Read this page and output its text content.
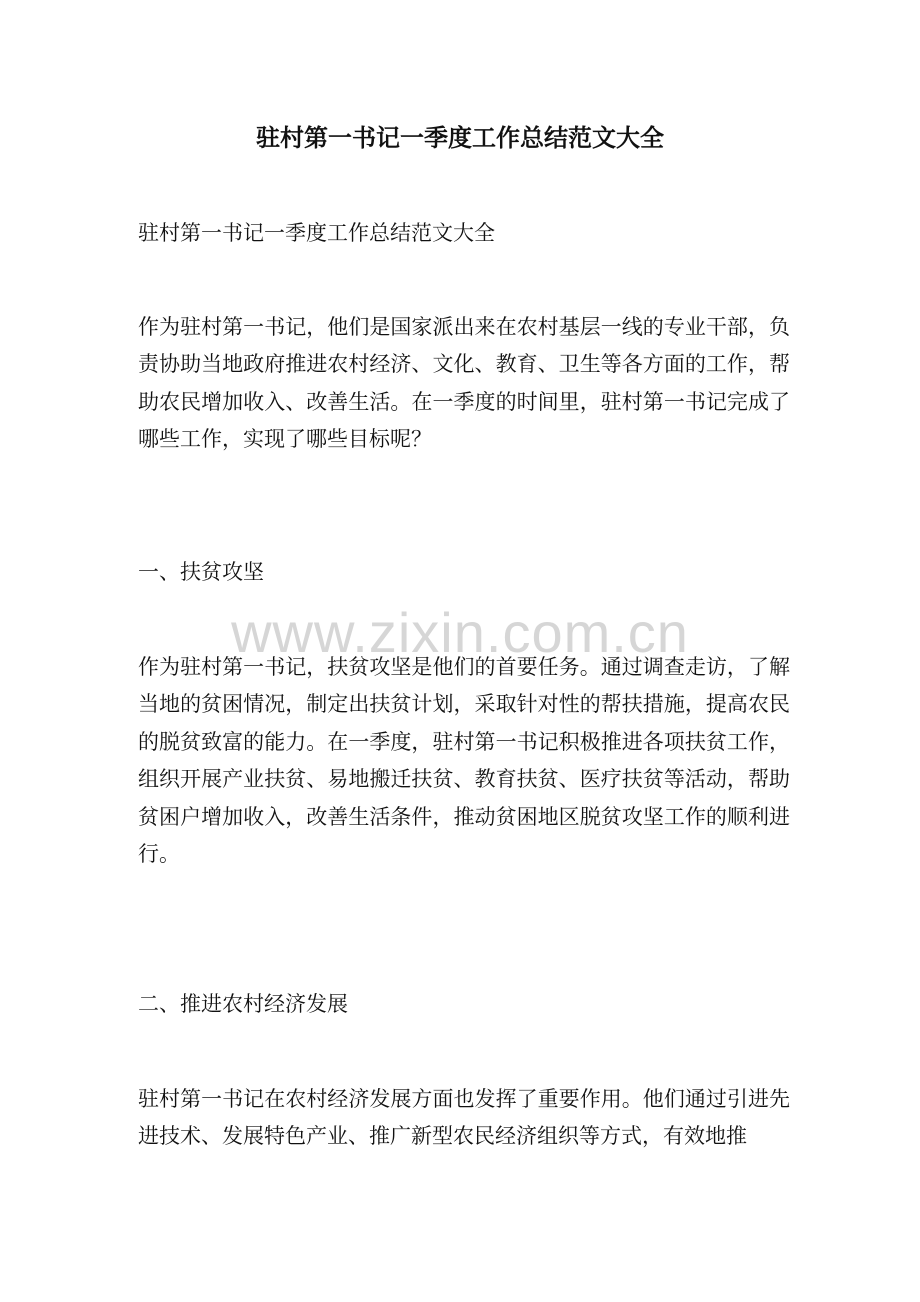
驻村第一书记一季度工作总结范文大全

驻村第一书记一季度工作总结范文大全

作为驻村第一书记，他们是国家派出来在农村基层一线的专业干部，负责协助当地政府推进农村经济、文化、教育、卫生等各方面的工作，帮助农民增加收入、改善生活。在一季度的时间里，驻村第一书记完成了哪些工作，实现了哪些目标呢？

一、扶贫攻坚

www.zixin.com.cn

作为驻村第一书记，扶贫攻坚是他们的首要任务。通过调查走访，了解当地的贫困情况，制定出扶贫计划，采取针对性的帮扶措施，提高农民的脱贫致富的能力。在一季度，驻村第一书记积极推进各项扶贫工作，组织开展产业扶贫、易地搬迁扶贫、教育扶贫、医疗扶贫等活动，帮助贫困户增加收入，改善生活条件，推动贫困地区脱贫攻坚工作的顺利进行。

二、推进农村经济发展

驻村第一书记在农村经济发展方面也发挥了重要作用。他们通过引进先进技术、发展特色产业、推广新型农民经济组织等方式，有效地推
